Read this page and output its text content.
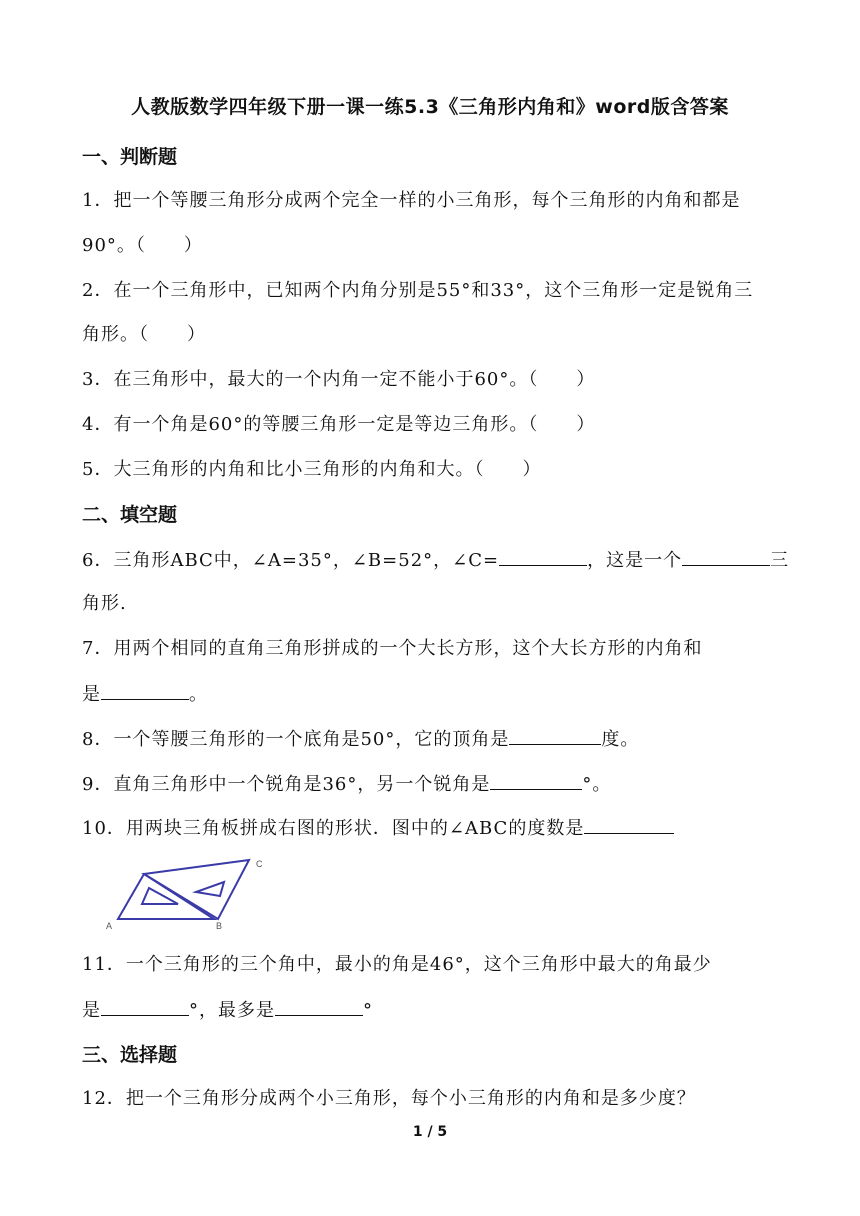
人教版数学四年级下册一课一练5.3《三角形内角和》word版含答案
一、判断题
1．把一个等腰三角形分成两个完全一样的小三角形，每个三角形的内角和都是
90°。（　　）
2．在一个三角形中，已知两个内角分别是55°和33°，这个三角形一定是锐角三
角形。（　　）
3．在三角形中，最大的一个内角一定不能小于60°。（　　）
4．有一个角是60°的等腰三角形一定是等边三角形。（　　）
5．大三角形的内角和比小三角形的内角和大。（　　）
二、填空题
6．三角形ABC中，∠A=35°，∠B=52°，∠C=	，这是一个	三
角形.
7．用两个相同的直角三角形拼成的一个大长方形，这个大长方形的内角和
是	。
8．一个等腰三角形的一个底角是50°，它的顶角是	度。
9．直角三角形中一个锐角是36°，另一个锐角是	°。
10．用两块三角板拼成右图的形状．图中的∠ABC的度数是
A	B
C
11．一个三角形的三个角中，最小的角是46°，这个三角形中最大的角最少
是	°，最多是	°
三、选择题
12．把一个三角形分成两个小三角形，每个小三角形的内角和是多少度？
1 / 5
